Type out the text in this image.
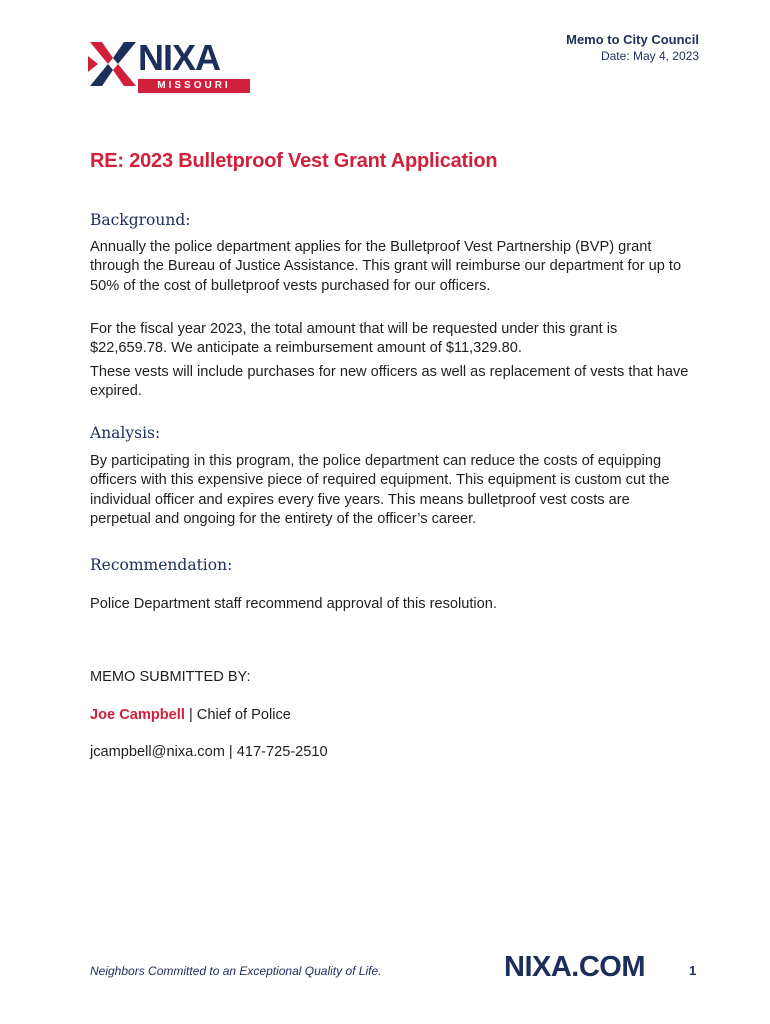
NIXA
MISSOURI
Memo to City Council
Date: May 4, 2023
RE: 2023 Bulletproof Vest Grant Application
Background:
Annually the police department applies for the Bulletproof Vest Partnership (BVP) grant through the Bureau of Justice Assistance. This grant will reimburse our department for up to 50% of the cost of bulletproof vests purchased for our officers.
For the fiscal year 2023, the total amount that will be requested under this grant is $22,659.78. We anticipate a reimbursement amount of $11,329.80.
These vests will include purchases for new officers as well as replacement of vests that have expired.
Analysis:
By participating in this program, the police department can reduce the costs of equipping officers with this expensive piece of required equipment. This equipment is custom cut the individual officer and expires every five years. This means bulletproof vest costs are perpetual and ongoing for the entirety of the officer’s career.
Recommendation:
Police Department staff recommend approval of this resolution.
MEMO SUBMITTED BY:
Joe Campbell | Chief of Police
jcampbell@nixa.com | 417-725-2510
Neighbors Committed to an Exceptional Quality of Life.	NIXA.COM	1
